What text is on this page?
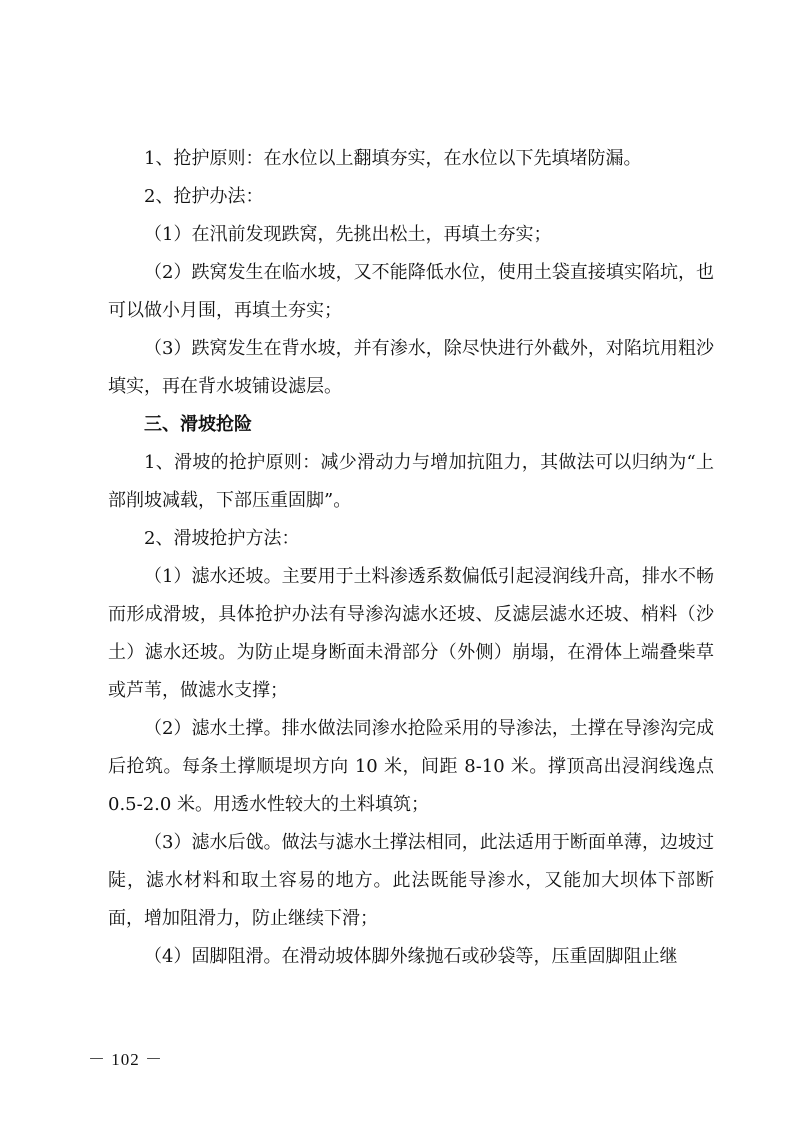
1、抢护原则：在水位以上翻填夯实，在水位以下先填堵防漏。

2、抢护办法：

（1）在汛前发现跌窝，先挑出松土，再填土夯实；

（2）跌窝发生在临水坡，又不能降低水位，使用土袋直接填实陷坑，也可以做小月围，再填土夯实；

（3）跌窝发生在背水坡，并有渗水，除尽快进行外截外，对陷坑用粗沙填实，再在背水坡铺设滤层。

三、滑坡抢险

1、滑坡的抢护原则：减少滑动力与增加抗阻力，其做法可以归纳为“上部削坡减载，下部压重固脚”。

2、滑坡抢护方法：

（1）滤水还坡。主要用于土料渗透系数偏低引起浸润线升高，排水不畅而形成滑坡，具体抢护办法有导渗沟滤水还坡、反滤层滤水还坡、梢料（沙土）滤水还坡。为防止堤身断面未滑部分（外侧）崩塌，在滑体上端叠柴草或芦苇，做滤水支撑；

（2）滤水土撑。排水做法同渗水抢险采用的导渗法，土撑在导渗沟完成后抢筑。每条土撑顺堤坝方向 10 米，间距 8-10 米。撑顶高出浸润线逸点 0.5-2.0 米。用透水性较大的土料填筑；

（3）滤水后戗。做法与滤水土撑法相同，此法适用于断面单薄，边坡过陡，滤水材料和取土容易的地方。此法既能导渗水，又能加大坝体下部断面，增加阻滑力，防止继续下滑；

（4）固脚阻滑。在滑动坡体脚外缘抛石或砂袋等，压重固脚阻止继

－ 102 －
